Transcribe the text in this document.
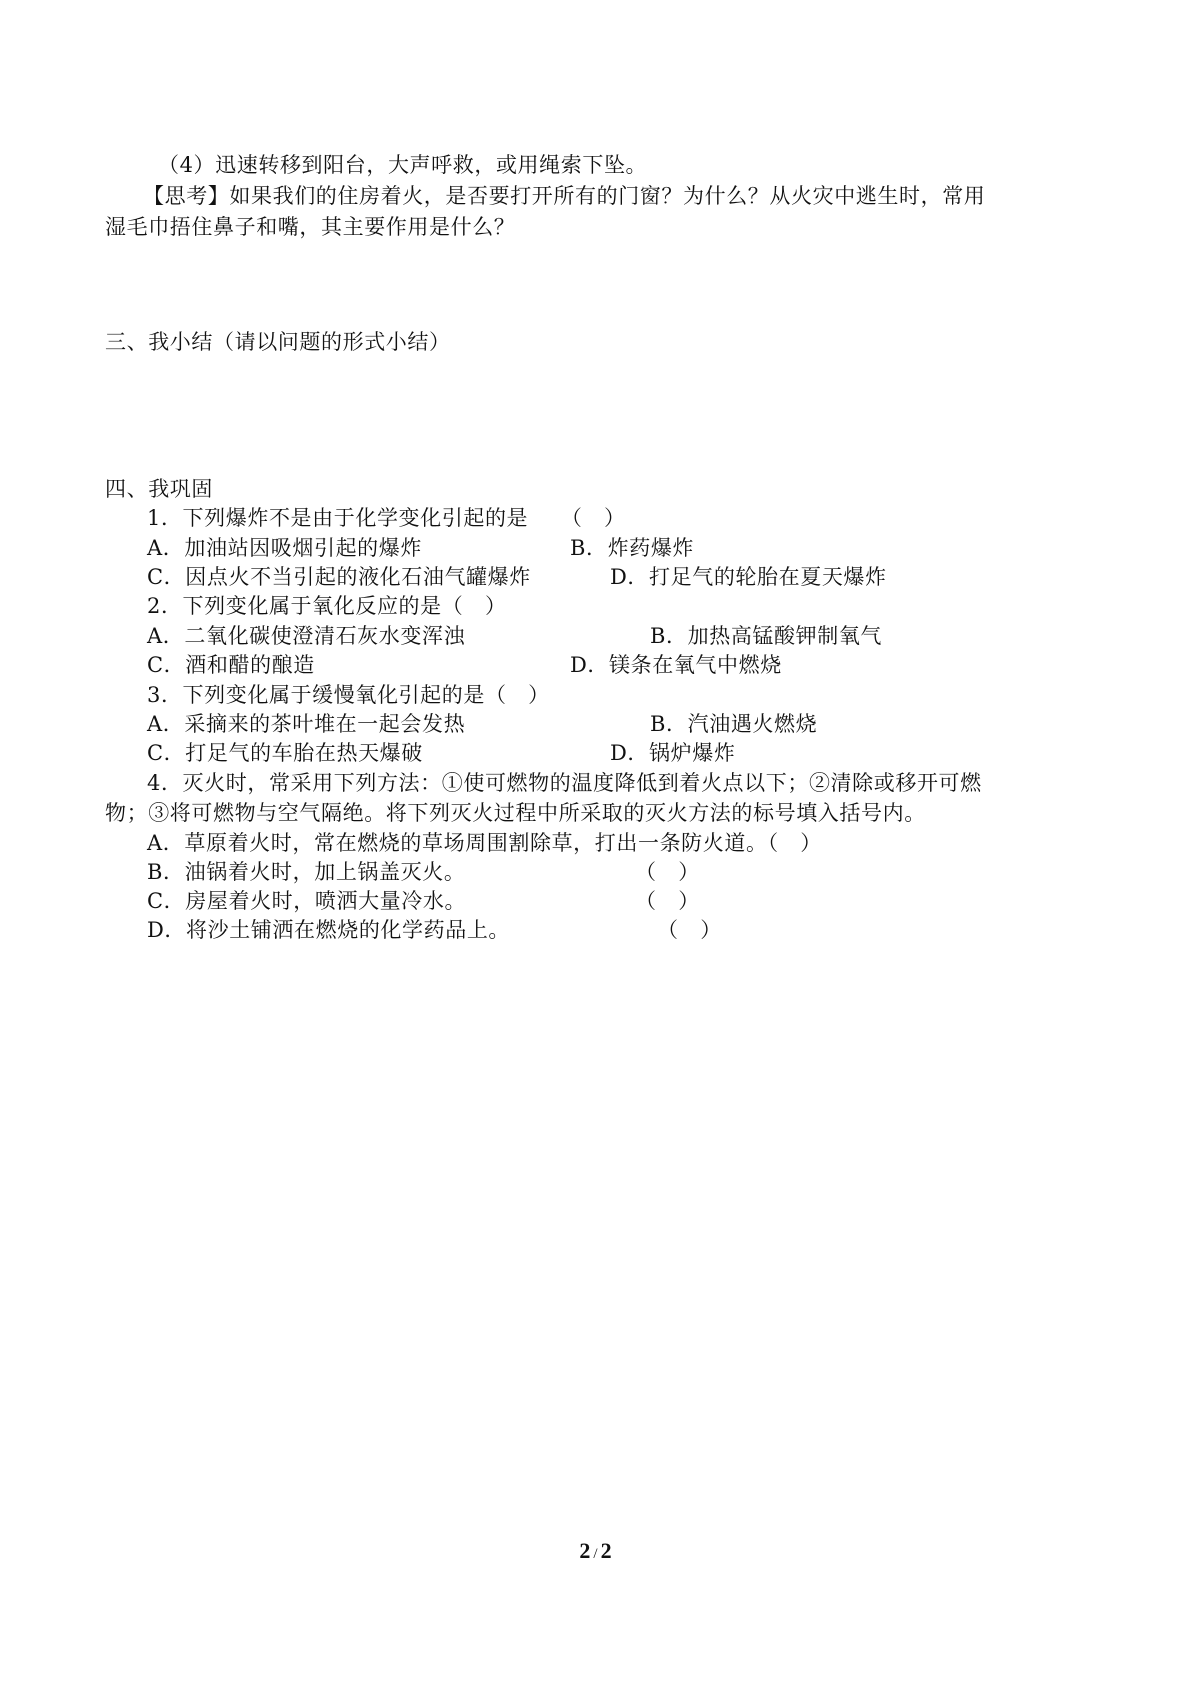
（4）迅速转移到阳台，大声呼救，或用绳索下坠。
【思考】如果我们的住房着火，是否要打开所有的门窗？为什么？从火灾中逃生时，常用
湿毛巾捂住鼻子和嘴，其主要作用是什么？
三、我小结（请以问题的形式小结）
四、我巩固
1．下列爆炸不是由于化学变化引起的是　　（　）
A．加油站因吸烟引起的爆炸	B．炸药爆炸
C．因点火不当引起的液化石油气罐爆炸	D．打足气的轮胎在夏天爆炸
2．下列变化属于氧化反应的是（　）
A．二氧化碳使澄清石灰水变浑浊	B．加热高锰酸钾制氧气
C．酒和醋的酿造	D．镁条在氧气中燃烧
3．下列变化属于缓慢氧化引起的是（　）
A．采摘来的茶叶堆在一起会发热	B．汽油遇火燃烧
C．打足气的车胎在热天爆破	D．锅炉爆炸
4．灭火时，常采用下列方法：①使可燃物的温度降低到着火点以下；②清除或移开可燃
物；③将可燃物与空气隔绝。将下列灭火过程中所采取的灭火方法的标号填入括号内。
A．草原着火时，常在燃烧的草场周围割除草，打出一条防火道。（　）
B．油锅着火时，加上锅盖灭火。	（　）
C．房屋着火时，喷洒大量冷水。	（　）
D．将沙土铺洒在燃烧的化学药品上。	（　）
2 / 2
